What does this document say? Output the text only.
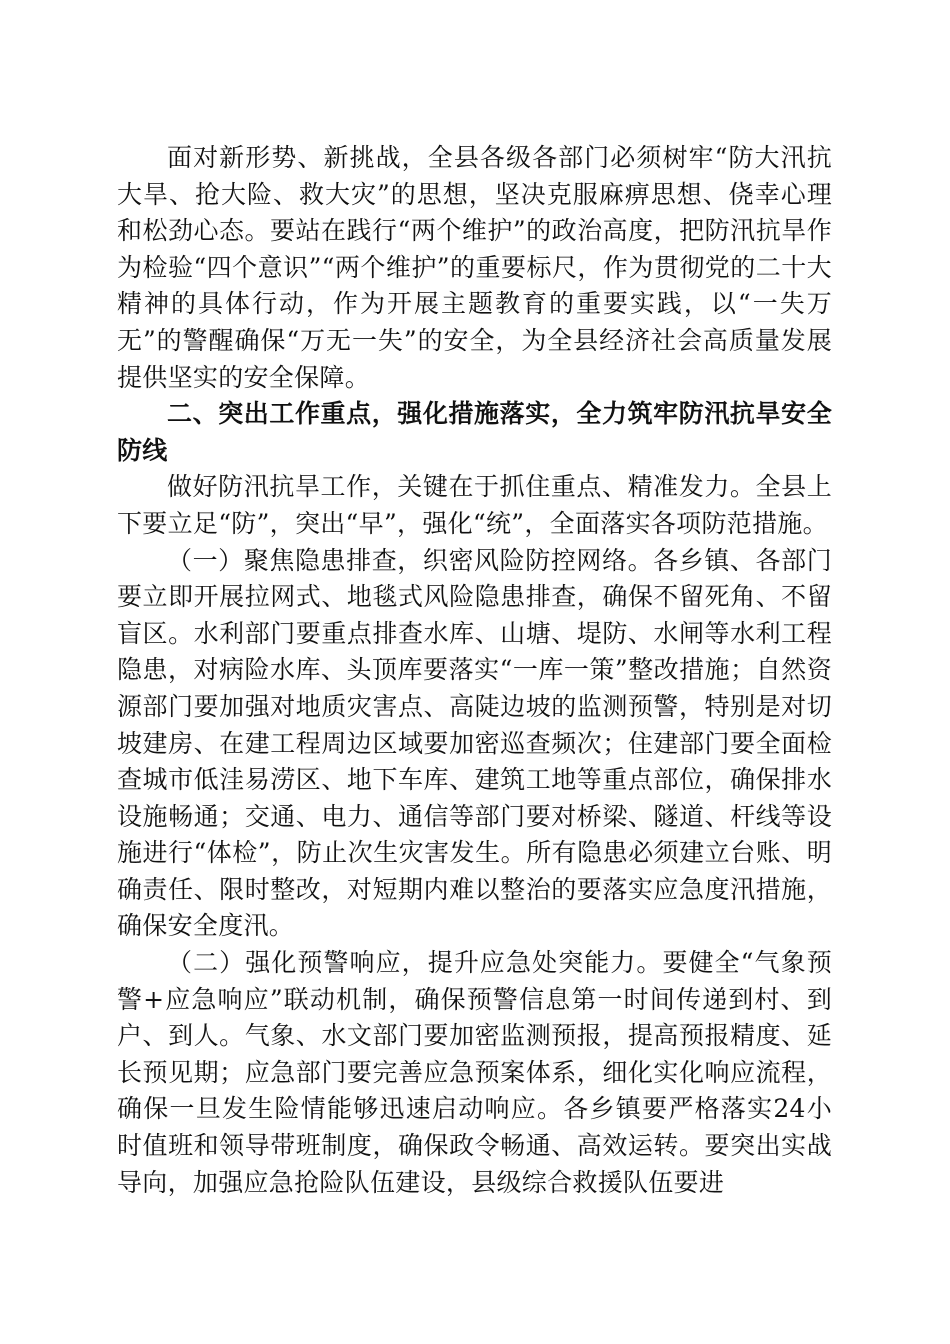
面对新形势、新挑战，全县各级各部门必须树牢“防大汛抗大旱、抢大险、救大灾”的思想，坚决克服麻痹思想、侥幸心理和松劲心态。要站在践行“两个维护”的政治高度，把防汛抗旱作为检验“四个意识”“两个维护”的重要标尺，作为贯彻党的二十大精神的具体行动，作为开展主题教育的重要实践，以“一失万无”的警醒确保“万无一失”的安全，为全县经济社会高质量发展提供坚实的安全保障。

二、突出工作重点，强化措施落实，全力筑牢防汛抗旱安全防线

做好防汛抗旱工作，关键在于抓住重点、精准发力。全县上下要立足“防”，突出“早”，强化“统”，全面落实各项防范措施。

（一）聚焦隐患排查，织密风险防控网络。各乡镇、各部门要立即开展拉网式、地毯式风险隐患排查，确保不留死角、不留盲区。水利部门要重点排查水库、山塘、堤防、水闸等水利工程隐患，对病险水库、头顶库要落实“一库一策”整改措施；自然资源部门要加强对地质灾害点、高陡边坡的监测预警，特别是对切坡建房、在建工程周边区域要加密巡查频次；住建部门要全面检查城市低洼易涝区、地下车库、建筑工地等重点部位，确保排水设施畅通；交通、电力、通信等部门要对桥梁、隧道、杆线等设施进行“体检”，防止次生灾害发生。所有隐患必须建立台账、明确责任、限时整改，对短期内难以整治的要落实应急度汛措施，确保安全度汛。

（二）强化预警响应，提升应急处突能力。要健全“气象预警+应急响应”联动机制，确保预警信息第一时间传递到村、到户、到人。气象、水文部门要加密监测预报，提高预报精度、延长预见期；应急部门要完善应急预案体系，细化实化响应流程，确保一旦发生险情能够迅速启动响应。各乡镇要严格落实24小时值班和领导带班制度，确保政令畅通、高效运转。要突出实战导向，加强应急抢险队伍建设，县级综合救援队伍要进
